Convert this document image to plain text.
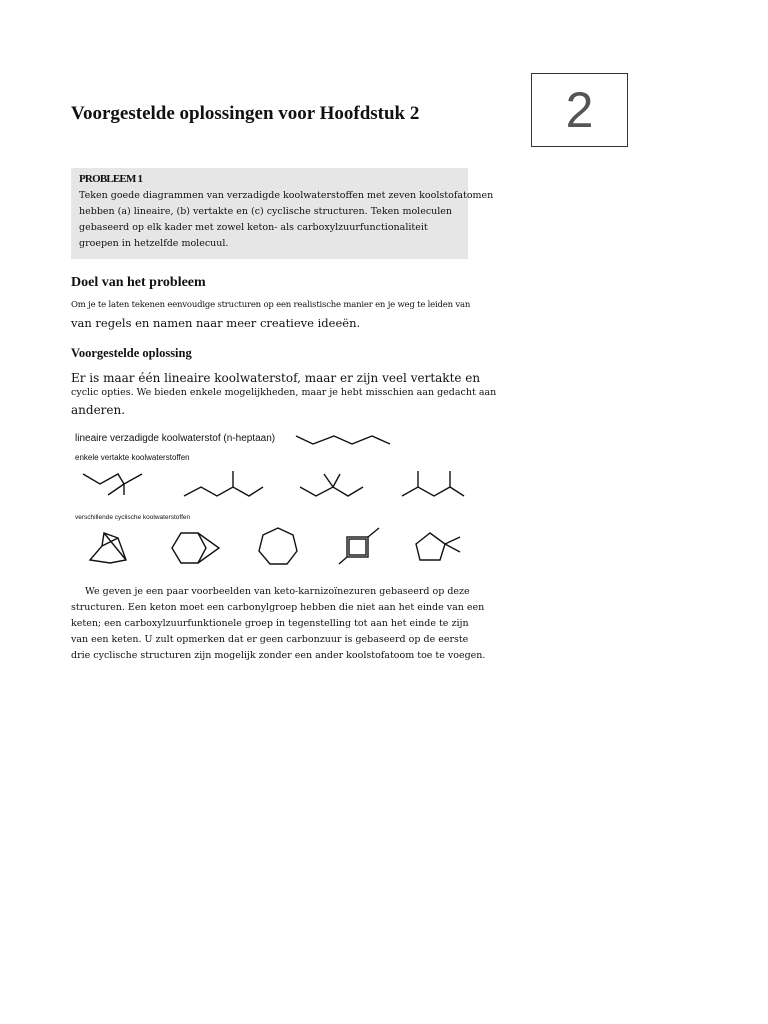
2
Voorgestelde oplossingen voor Hoofdstuk 2
PROBLEEM 1
Teken goede diagrammen van verzadigde koolwaterstoffen met zeven koolstofatomen
hebben (a) lineaire, (b) vertakte en (c) cyclische structuren. Teken moleculen
gebaseerd op elk kader met zowel keton- als carboxylzuurfunctionaliteit
groepen in hetzelfde molecuul.
Doel van het probleem
Om je te laten tekenen eenvoudige structuren op een realistische manier en je weg te leiden van
van regels en namen naar meer creatieve ideeën.
Voorgestelde oplossing
Er is maar één lineaire koolwaterstof, maar er zijn veel vertakte en
cyclic opties. We bieden enkele mogelijkheden, maar je hebt misschien aan gedacht aan
anderen.
lineaire verzadigde koolwaterstof (n-heptaan)
enkele vertakte koolwaterstoffen
verschillende cyclische koolwaterstoffen
We geven je een paar voorbeelden van keto-karnizoïnezuren gebaseerd op deze
structuren. Een keton moet een carbonylgroep hebben die niet aan het einde van een
keten; een carboxylzuurfunktionele groep in tegenstelling tot aan het einde te zijn
van een keten. U zult opmerken dat er geen carbonzuur is gebaseerd op de eerste
drie cyclische structuren zijn mogelijk zonder een ander koolstofatoom toe te voegen.
